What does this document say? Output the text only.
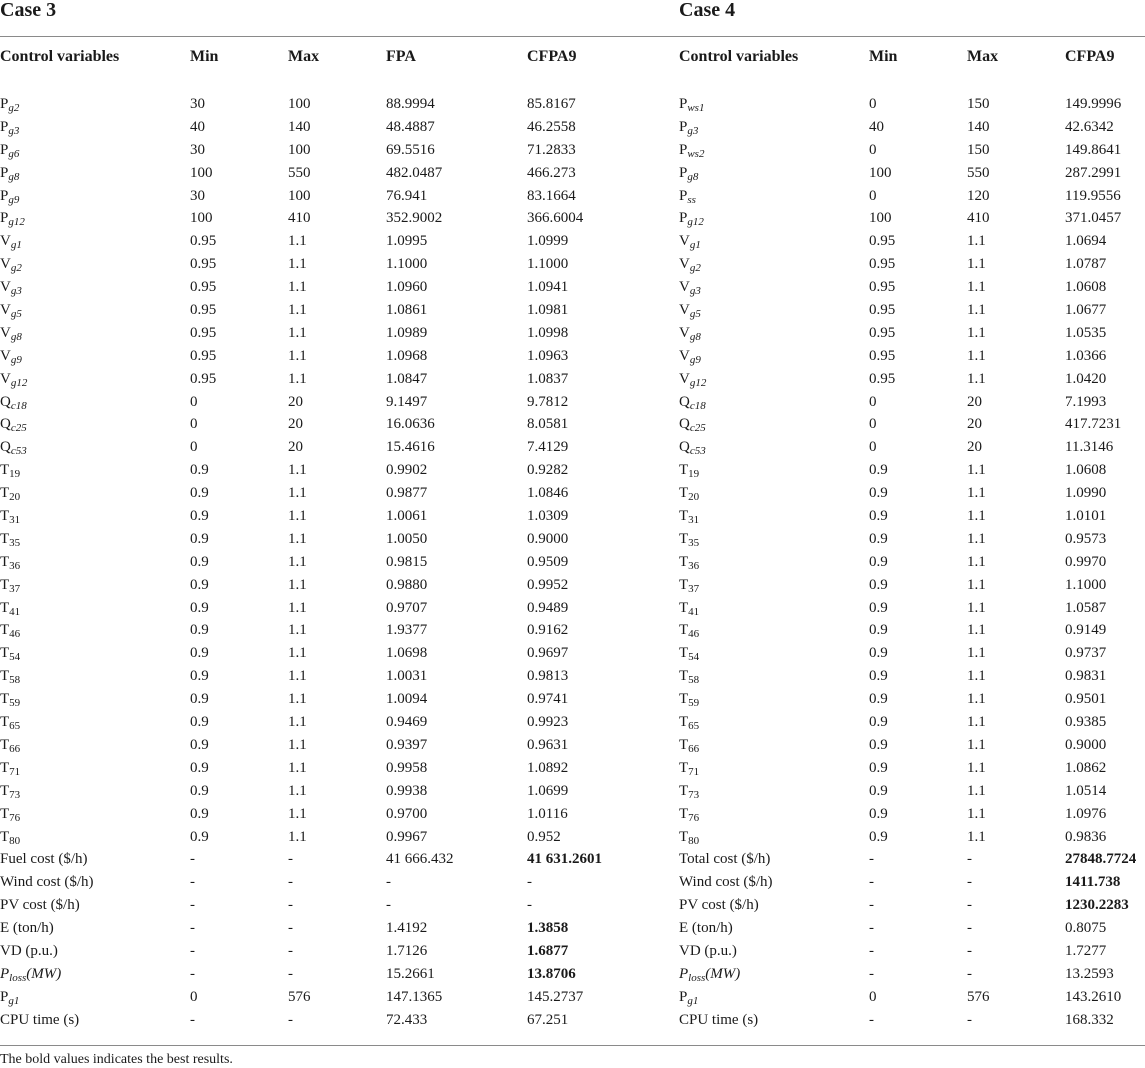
Case 3	Case 4
Control variables	Min	Max	FPA	CFPA9	Control variables	Min	Max	CFPA9
$P_{g2}$	30	100	88.9994	85.8167	$P_{ws1}$	0	150	149.9996
$P_{g3}$	40	140	48.4887	46.2558	$P_{g3}$	40	140	42.6342
$P_{g6}$	30	100	69.5516	71.2833	$P_{ws2}$	0	150	149.8641
$P_{g8}$	100	550	482.0487	466.273	$P_{g8}$	100	550	287.2991
$P_{g9}$	30	100	76.941	83.1664	$P_{ss}$	0	120	119.9556
$P_{g12}$	100	410	352.9002	366.6004	$P_{g12}$	100	410	371.0457
$V_{g1}$	0.95	1.1	1.0995	1.0999	$V_{g1}$	0.95	1.1	1.0694
$V_{g2}$	0.95	1.1	1.1000	1.1000	$V_{g2}$	0.95	1.1	1.0787
$V_{g3}$	0.95	1.1	1.0960	1.0941	$V_{g3}$	0.95	1.1	1.0608
$V_{g5}$	0.95	1.1	1.0861	1.0981	$V_{g5}$	0.95	1.1	1.0677
$V_{g8}$	0.95	1.1	1.0989	1.0998	$V_{g8}$	0.95	1.1	1.0535
$V_{g9}$	0.95	1.1	1.0968	1.0963	$V_{g9}$	0.95	1.1	1.0366
$V_{g12}$	0.95	1.1	1.0847	1.0837	$V_{g12}$	0.95	1.1	1.0420
$Q_{c18}$	0	20	9.1497	9.7812	$Q_{c18}$	0	20	7.1993
$Q_{c25}$	0	20	16.0636	8.0581	$Q_{c25}$	0	20	417.7231
$Q_{c53}$	0	20	15.4616	7.4129	$Q_{c53}$	0	20	11.3146
$T_{19}$	0.9	1.1	0.9902	0.9282	$T_{19}$	0.9	1.1	1.0608
$T_{20}$	0.9	1.1	0.9877	1.0846	$T_{20}$	0.9	1.1	1.0990
$T_{31}$	0.9	1.1	1.0061	1.0309	$T_{31}$	0.9	1.1	1.0101
$T_{35}$	0.9	1.1	1.0050	0.9000	$T_{35}$	0.9	1.1	0.9573
$T_{36}$	0.9	1.1	0.9815	0.9509	$T_{36}$	0.9	1.1	0.9970
$T_{37}$	0.9	1.1	0.9880	0.9952	$T_{37}$	0.9	1.1	1.1000
$T_{41}$	0.9	1.1	0.9707	0.9489	$T_{41}$	0.9	1.1	1.0587
$T_{46}$	0.9	1.1	1.9377	0.9162	$T_{46}$	0.9	1.1	0.9149
$T_{54}$	0.9	1.1	1.0698	0.9697	$T_{54}$	0.9	1.1	0.9737
$T_{58}$	0.9	1.1	1.0031	0.9813	$T_{58}$	0.9	1.1	0.9831
$T_{59}$	0.9	1.1	1.0094	0.9741	$T_{59}$	0.9	1.1	0.9501
$T_{65}$	0.9	1.1	0.9469	0.9923	$T_{65}$	0.9	1.1	0.9385
$T_{66}$	0.9	1.1	0.9397	0.9631	$T_{66}$	0.9	1.1	0.9000
$T_{71}$	0.9	1.1	0.9958	1.0892	$T_{71}$	0.9	1.1	1.0862
$T_{73}$	0.9	1.1	0.9938	1.0699	$T_{73}$	0.9	1.1	1.0514
$T_{76}$	0.9	1.1	0.9700	1.0116	$T_{76}$	0.9	1.1	1.0976
$T_{80}$	0.9	1.1	0.9967	0.952	$T_{80}$	0.9	1.1	0.9836
Fuel cost ($/h)	-	-	41 666.432	41 631.2601	Total cost ($/h)	-	-	27848.7724
Wind cost ($/h)	-	-	-	-	Wind cost ($/h)	-	-	1411.738
PV cost ($/h)	-	-	-	-	PV cost ($/h)	-	-	1230.2283
E (ton/h)	-	-	1.4192	1.3858	E (ton/h)	-	-	0.8075
VD (p.u.)	-	-	1.7126	1.6877	VD (p.u.)	-	-	1.7277
$P_{loss}(MW)$	-	-	15.2661	13.8706	$P_{loss}(MW)$	-	-	13.2593
$P_{g1}$	0	576	147.1365	145.2737	$P_{g1}$	0	576	143.2610
CPU time (s)	-	-	72.433	67.251	CPU time (s)	-	-	168.332
The bold values indicates the best results.
